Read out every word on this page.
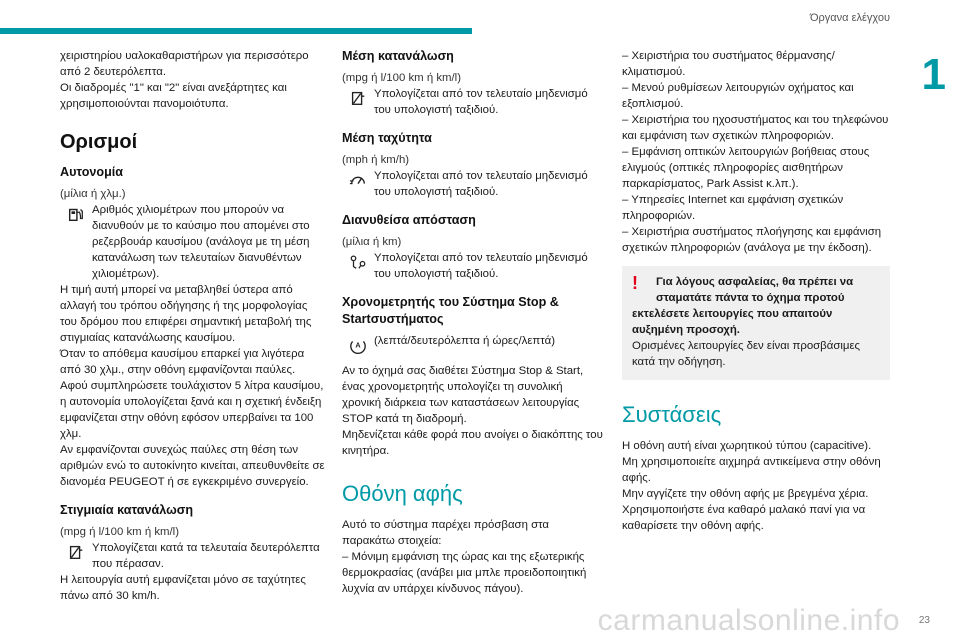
Όργανα ελέγχου
1

χειριστηρίου υαλοκαθαριστήρων για περισσότερο από 2 δευτερόλεπτα.

Οι διαδρομές "1" και "2" είναι ανεξάρτητες και χρησιμοποιούνται πανομοιότυπα.

Ορισμοί
Αυτονομία

(μίλια ή χλμ.)

Αριθμός χιλιομέτρων που μπορούν να διανυθούν με το καύσιμο που απομένει στο ρεζερβουάρ καυσίμου (ανάλογα με τη μέση κατανάλωση των τελευταίων διανυθέντων χιλιομέτρων).

Η τιμή αυτή μπορεί να μεταβληθεί ύστερα από αλλαγή του τρόπου οδήγησης ή της μορφολογίας του δρόμου που επιφέρει σημαντική μεταβολή της στιγμιαίας κατανάλωσης καυσίμου.

Όταν το απόθεμα καυσίμου επαρκεί για λιγότερα από 30 χλμ., στην οθόνη εμφανίζονται παύλες.

Αφού συμπληρώσετε τουλάχιστον 5 λίτρα καυσίμου, η αυτονομία υπολογίζεται ξανά και η σχετική ένδειξη εμφανίζεται στην οθόνη εφόσον υπερβαίνει τα 100 χλμ.

Αν εμφανίζονται συνεχώς παύλες στη θέση των αριθμών ενώ το αυτοκίνητο κινείται, απευθυνθείτε σε διανομέα PEUGEOT ή σε εγκεκριμένο συνεργείο.

Στιγμιαία κατανάλωση

(mpg ή l/100 km ή km/l)

Υπολογίζεται κατά τα τελευταία δευτερόλεπτα που πέρασαν.

Η λειτουργία αυτή εμφανίζεται μόνο σε ταχύτητες πάνω από 30 km/h.

Μέση κατανάλωση

(mpg ή l/100 km ή km/l)

Υπολογίζεται από τον τελευταίο μηδενισμό του υπολογιστή ταξιδιού.

Μέση ταχύτητα

(mph ή km/h)

Υπολογίζεται από τον τελευταίο μηδενισμό του υπολογιστή ταξιδιού.

Διανυθείσα απόσταση

(μίλια ή km)

Υπολογίζεται από τον τελευταίο μηδενισμό του υπολογιστή ταξιδιού.

Χρονομετρητής του Σύστημα Stop & Startσυστήματος
A (λεπτά/δευτερόλεπτα ή ώρες/λεπτά)

Αν το όχημά σας διαθέτει Σύστημα Stop & Start, ένας χρονομετρητής υπολογίζει τη συνολική χρονική διάρκεια των καταστάσεων λειτουργίας STOP κατά τη διαδρομή.

Μηδενίζεται κάθε φορά που ανοίγει ο διακόπτης του κινητήρα.

Οθόνη αφής

Αυτό το σύστημα παρέχει πρόσβαση στα παρακάτω στοιχεία:

– Μόνιμη εμφάνιση της ώρας και της εξωτερικής θερμοκρασίας (ανάβει μια μπλε προειδοποιητική λυχνία αν υπάρχει κίνδυνος πάγου).

– Χειριστήρια του συστήματος θέρμανσης/κλιματισμού.

– Μενού ρυθμίσεων λειτουργιών οχήματος και εξοπλισμού.

– Χειριστήρια του ηχοσυστήματος και του τηλεφώνου και εμφάνιση των σχετικών πληροφοριών.

– Εμφάνιση οπτικών λειτουργιών βοήθειας στους ελιγμούς (οπτικές πληροφορίες αισθητήρων παρκαρίσματος, Park Assist κ.λπ.).

– Υπηρεσίες Internet και εμφάνιση σχετικών πληροφοριών.

– Χειριστήρια συστήματος πλοήγησης και εμφάνιση σχετικών πληροφοριών (ανάλογα με την έκδοση).

!	Για λόγους ασφαλείας, θα πρέπει να σταματάτε πάντα το όχημα προτού

εκτελέσετε λειτουργίες που απαιτούν αυξημένη προσοχή.

Ορισμένες λειτουργίες δεν είναι προσβάσιμες κατά την οδήγηση.

Συστάσεις

Η οθόνη αυτή είναι χωρητικού τύπου (capacitive).

Μη χρησιμοποιείτε αιχμηρά αντικείμενα στην οθόνη αφής.

Μην αγγίζετε την οθόνη αφής με βρεγμένα χέρια.

Χρησιμοποιήστε ένα καθαρό μαλακό πανί για να καθαρίσετε την οθόνη αφής.

carmanualsonline.info 23
